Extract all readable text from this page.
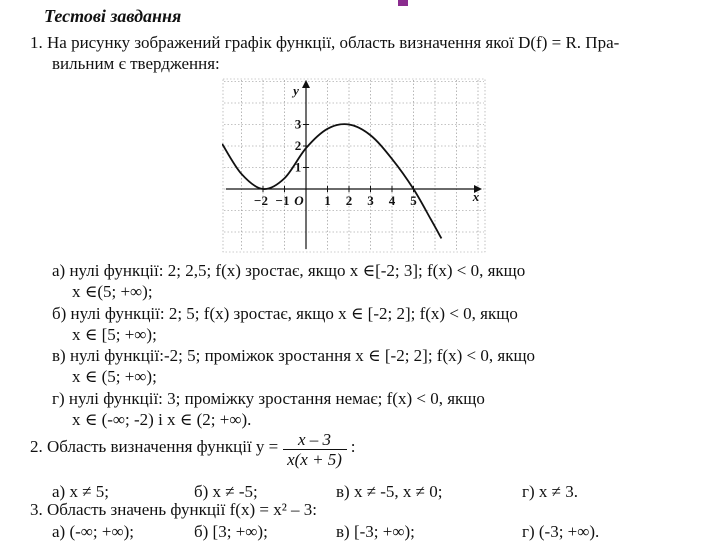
Тестові завдання
1. На рисунку зображений графік функції, область визначення якої D(f) = R. Пра-
вильним є твердження:
−2 −1	1 2 3 4 5
1
2
3
O
y
x
а) нулі функції: 2; 2,5; f(x) зростає, якщо x ∈[-2; 3]; f(x) < 0, якщо
x ∈(5; +∞);
б) нулі функції: 2; 5; f(x) зростає, якщо x ∈ [-2; 2]; f(x) < 0, якщо
x ∈ [5; +∞);
в) нулі функції:-2; 5; проміжок зростання x ∈ [-2; 2]; f(x) < 0, якщо
x ∈ (5; +∞);
г) нулі функції: 3; проміжку зростання немає; f(x) < 0, якщо
x ∈ (-∞; -2) і x ∈ (2; +∞).
2. Область визначення функції $y = \frac{x - 3}{x(x + 5)}$ :
а) x ≠ 5;	б) x ≠ -5;	в) x ≠ -5, x ≠ 0;	г) x ≠ 3.
3. Область значень функції f(x) = x² – 3:
а) (-∞; +∞);	б) [3; +∞);	в) [-3; +∞);	г) (-3; +∞).
